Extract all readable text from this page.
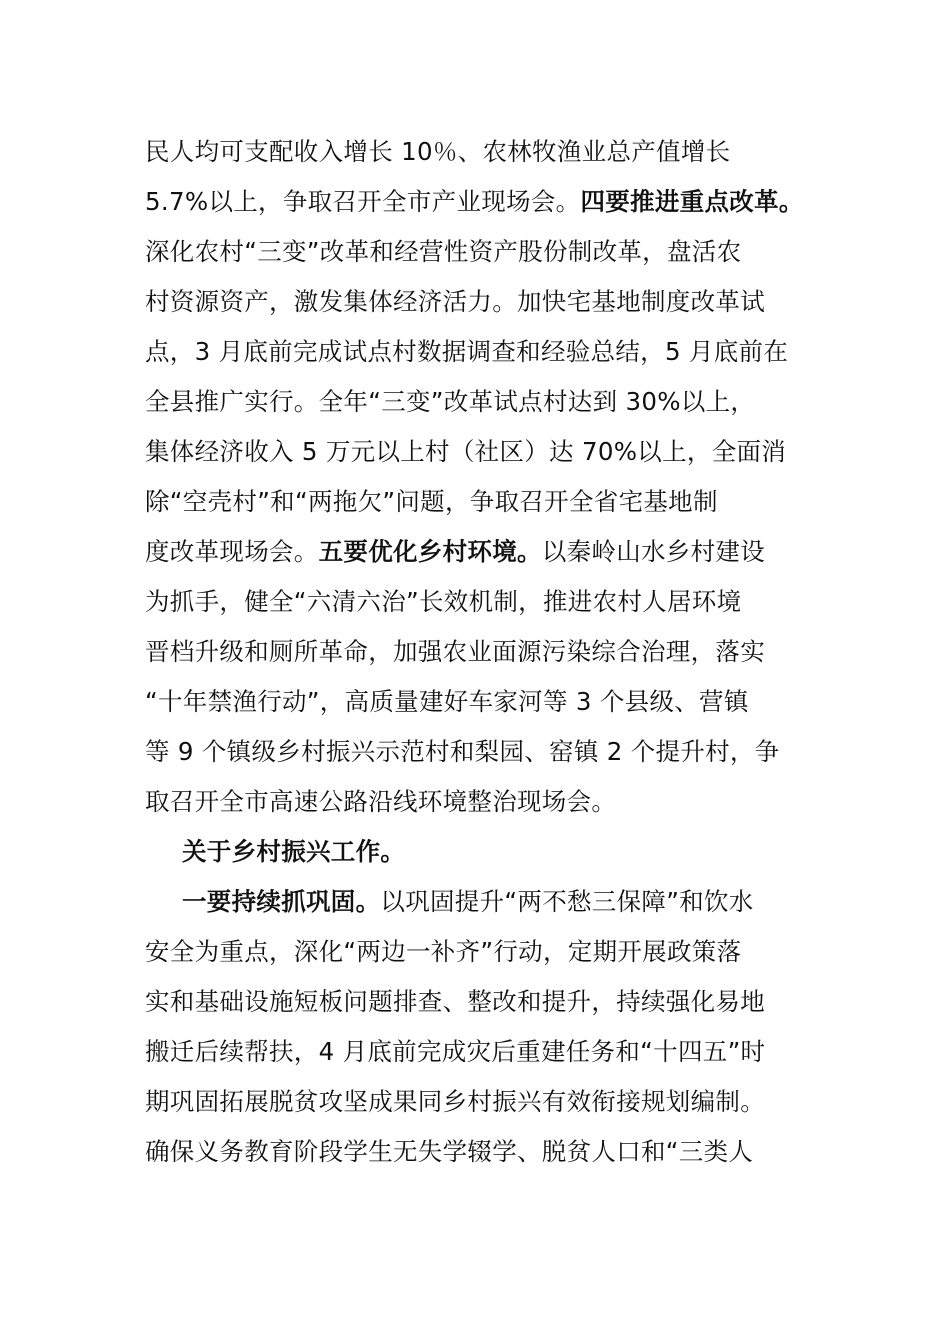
民人均可支配收入增长 10％、农林牧渔业总产值增长
5.7%以上，争取召开全市产业现场会。四要推进重点改革。
深化农村“三变”改革和经营性资产股份制改革，盘活农
村资源资产，激发集体经济活力。加快宅基地制度改革试
点，3 月底前完成试点村数据调查和经验总结，5 月底前在
全县推广实行。全年“三变”改革试点村达到 30%以上，
集体经济收入 5 万元以上村（社区）达 70%以上，全面消
除“空壳村”和“两拖欠”问题，争取召开全省宅基地制
度改革现场会。五要优化乡村环境。以秦岭山水乡村建设
为抓手，健全“六清六治”长效机制，推进农村人居环境
晋档升级和厕所革命，加强农业面源污染综合治理，落实
“十年禁渔行动”，高质量建好车家河等 3 个县级、营镇
等 9 个镇级乡村振兴示范村和梨园、窑镇 2 个提升村，争
取召开全市高速公路沿线环境整治现场会。
关于乡村振兴工作。
一要持续抓巩固。以巩固提升“两不愁三保障”和饮水
安全为重点，深化“两边一补齐”行动，定期开展政策落
实和基础设施短板问题排查、整改和提升，持续强化易地
搬迁后续帮扶，4 月底前完成灾后重建任务和“十四五”时
期巩固拓展脱贫攻坚成果同乡村振兴有效衔接规划编制。
确保义务教育阶段学生无失学辍学、脱贫人口和“三类人
